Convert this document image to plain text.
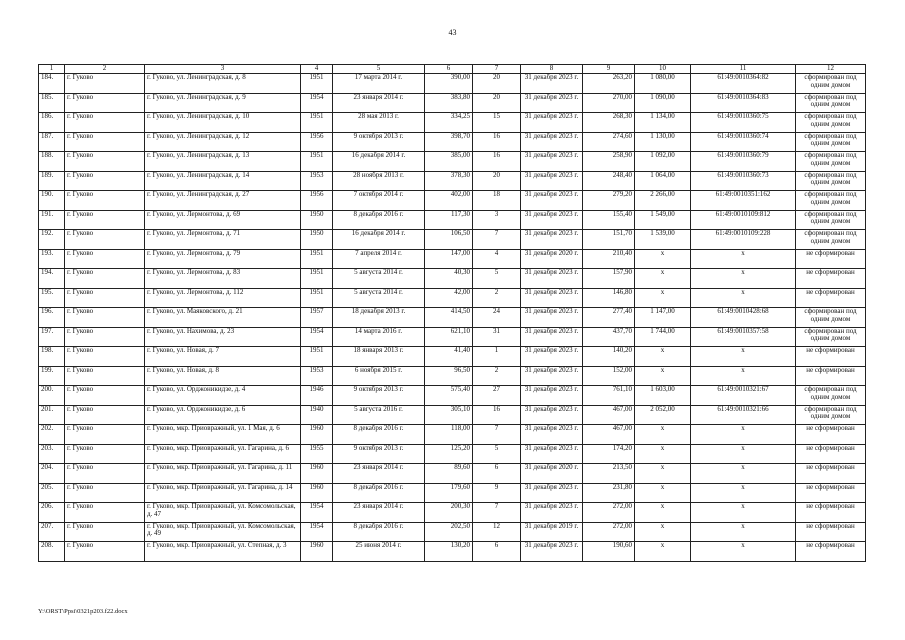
43
1	2	3	4	5	6	7	8	9	10	11	12
184.	г. Гуково	г. Гуково, ул. Ленинградская, д. 8	1951	17 марта 2014 г.	390,00	20	31 декабря 2023 г.	263,20	1 080,00	61:49:0010364:82	сформирован под одним домом
185.	г. Гуково	г. Гуково, ул. Ленинградская, д. 9	1954	23 января 2014 г.	383,80	20	31 декабря 2023 г.	270,00	1 090,00	61:49:0010364:83	сформирован под одним домом
186.	г. Гуково	г. Гуково, ул. Ленинградская, д. 10	1951	28 мая 2013 г.	334,25	15	31 декабря 2023 г.	268,30	1 134,00	61:49:0010360:75	сформирован под одним домом
187.	г. Гуково	г. Гуково, ул. Ленинградская, д. 12	1956	9 октября 2013 г.	398,70	16	31 декабря 2023 г.	274,60	1 130,00	61:49:0010360:74	сформирован под одним домом
188.	г. Гуково	г. Гуково, ул. Ленинградская, д. 13	1951	16 декабря 2014 г.	385,00	16	31 декабря 2023 г.	258,90	1 092,00	61:49:0010360:79	сформирован под одним домом
189.	г. Гуково	г. Гуково, ул. Ленинградская, д. 14	1953	28 ноября 2013 г.	378,30	20	31 декабря 2023 г.	248,40	1 064,00	61:49:0010360:73	сформирован под одним домом
190.	г. Гуково	г. Гуково, ул. Ленинградская, д. 27	1956	7 октября 2014 г.	402,00	18	31 декабря 2023 г.	279,20	2 266,00	61:49:0010351:162	сформирован под одним домом
191.	г. Гуково	г. Гуково, ул. Лермонтова, д. 69	1950	8 декабря 2016 г.	117,30	3	31 декабря 2023 г.	155,40	1 549,00	61:49:0010109:812	сформирован под одним домом
192.	г. Гуково	г. Гуково, ул. Лермонтова, д. 71	1950	16 декабря 2014 г.	106,50	7	31 декабря 2023 г.	151,70	1 539,00	61:49:0010109:228	сформирован под одним домом
193.	г. Гуково	г. Гуково, ул. Лермонтова, д. 79	1951	7 апреля 2014 г.	147,00	4	31 декабря 2020 г.	210,40	х	х	не сформирован
194.	г. Гуково	г. Гуково, ул. Лермонтова, д. 83	1951	5 августа 2014 г.	40,30	5	31 декабря 2023 г.	157,90	х	х	не сформирован
195.	г. Гуково	г. Гуково, ул. Лермонтова, д. 112	1951	5 августа 2014 г.	42,00	2	31 декабря 2023 г.	146,80	х	х	не сформирован
196.	г. Гуково	г. Гуково, ул. Маяковского, д. 21	1957	18 декабря 2013 г.	414,50	24	31 декабря 2023 г.	277,40	1 147,00	61:49:0010428:68	сформирован под одним домом
197.	г. Гуково	г. Гуково, ул. Нахимова, д. 23	1954	14 марта 2016 г.	621,10	31	31 декабря 2023 г.	437,70	1 744,00	61:49:0010357:58	сформирован под одним домом
198.	г. Гуково	г. Гуково, ул. Новая, д. 7	1951	18 января 2013 г.	41,40	1	31 декабря 2023 г.	140,20	х	х	не сформирован
199.	г. Гуково	г. Гуково, ул. Новая, д. 8	1953	6 ноября 2015 г.	96,50	2	31 декабря 2023 г.	152,00	х	х	не сформирован
200.	г. Гуково	г. Гуково, ул. Орджоникидзе, д. 4	1946	9 октября 2013 г.	575,40	27	31 декабря 2023 г.	761,10	1 603,00	61:49:0010321:67	сформирован под одним домом
201.	г. Гуково	г. Гуково, ул. Орджоникидзе, д. 6	1940	5 августа 2016 г.	305,10	16	31 декабря 2023 г.	467,00	2 052,00	61:49:0010321:66	сформирован под одним домом
202.	г. Гуково	г. Гуково, мкр. Приовражный, ул. 1 Мая, д. 6	1960	8 декабря 2016 г.	118,00	7	31 декабря 2023 г.	467,00	х	х	не сформирован
203.	г. Гуково	г. Гуково, мкр. Приовражный, ул. Гагарина, д. 6	1955	9 октября 2013 г.	125,20	5	31 декабря 2023 г.	174,20	х	х	не сформирован
204.	г. Гуково	г. Гуково, мкр. Приовражный, ул. Гагарина, д. 11	1960	23 января 2014 г.	89,60	6	31 декабря 2020 г.	213,50	х	х	не сформирован
205.	г. Гуково	г. Гуково, мкр. Приовражный, ул. Гагарина, д. 14	1960	8 декабря 2016 г.	179,60	9	31 декабря 2023 г.	231,80	х	х	не сформирован
206.	г. Гуково	г. Гуково, мкр. Приовражный, ул. Комсомольская, д. 47	1954	23 января 2014 г.	200,30	7	31 декабря 2023 г.	272,00	х	х	не сформирован
207.	г. Гуково	г. Гуково, мкр. Приовражный, ул. Комсомольская, д. 49	1954	8 декабря 2016 г.	202,50	12	31 декабря 2019 г.	272,00	х	х	не сформирован
208.	г. Гуково	г. Гуково, мкр. Приовражный, ул. Степная, д. 3	1960	25 июня 2014 г.	130,20	6	31 декабря 2023 г.	190,60	х	х	не сформирован
Y:\ORST\Ppsi\0321p203.f22.docx
